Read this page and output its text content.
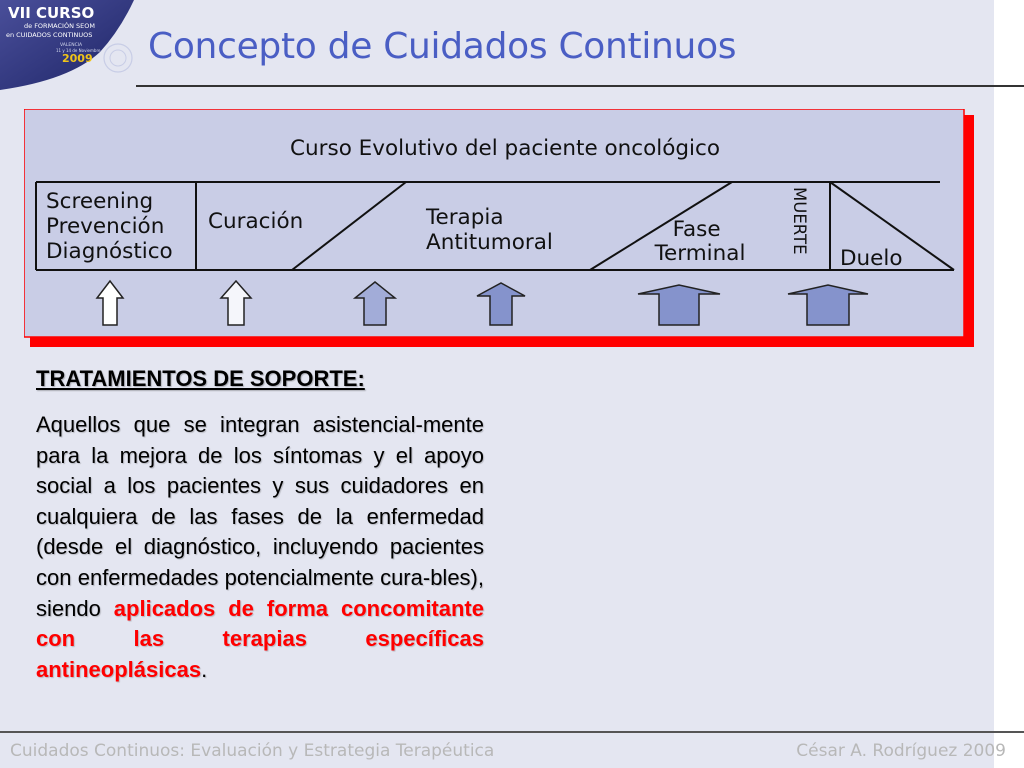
VII CURSO
de FORMACIÓN SEOM
en CUIDADOS CONTINUOS
VALENCIA
11 y 14 de Noviembre
2009 Concepto de Cuidados Continuos
Curso Evolutivo del paciente oncológico
Screening Prevención Diagnóstico
Curación	Terapia Antitumoral
Fase Terminal	MUERTE
Duelo
TRATAMIENTOS DE SOPORTE:

Aquellos que se integran asistencial-mente para la mejora de los síntomas y el apoyo social a los pacientes y sus cuidadores en cualquiera de las fases de la enfermedad (desde el diagnóstico, incluyendo pacientes con enfermedades potencialmente cura-bles), siendo aplicados de forma concomitante con las terapias específicas antineoplásicas.

Cuidados Continuos: Evaluación y Estrategia Terapéutica	César A. Rodríguez 2009
